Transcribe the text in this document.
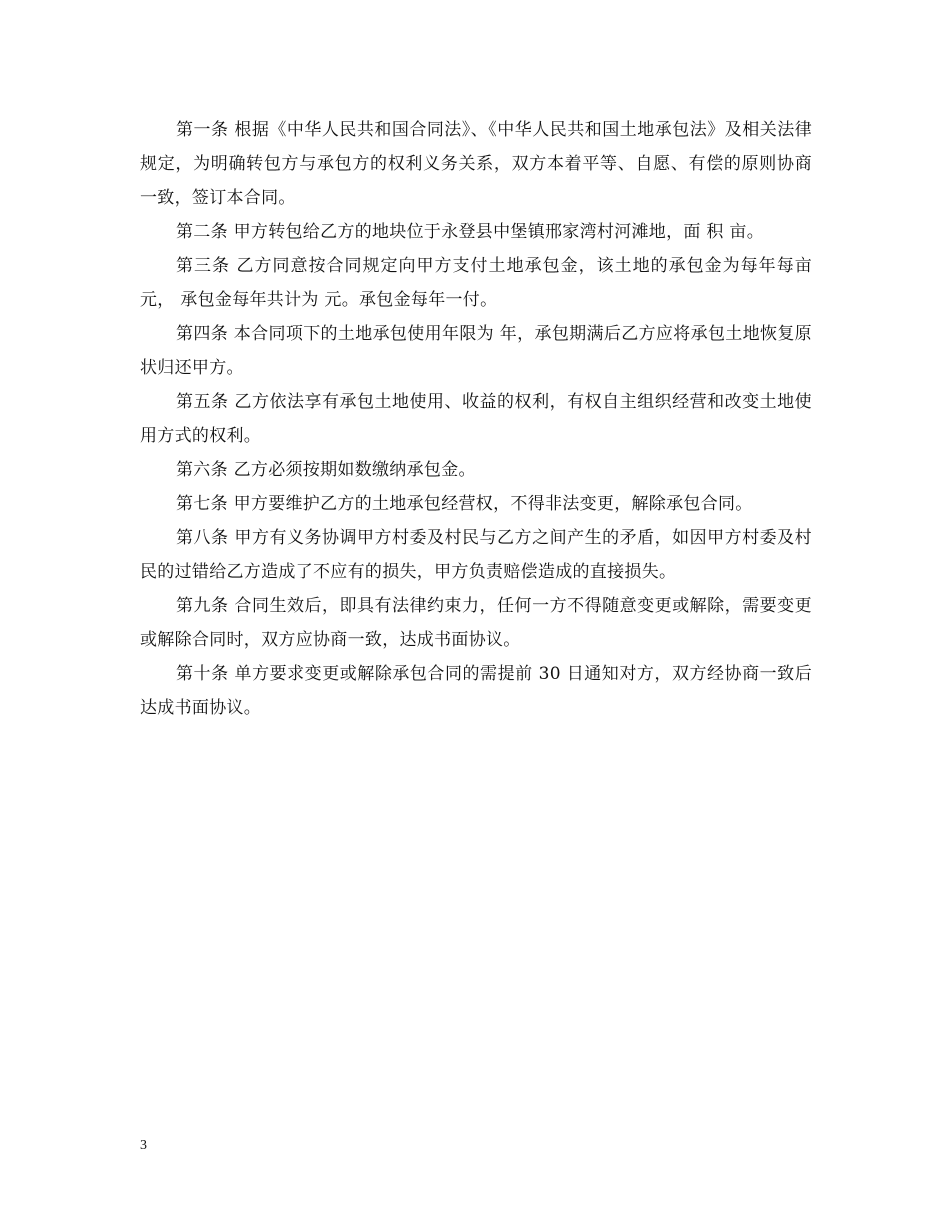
第一条 根据《中华人民共和国合同法》、《中华人民共和国土地承包法》及相关法律规定，为明确转包方与承包方的权利义务关系，双方本着平等、自愿、有偿的原则协商一致，签订本合同。

第二条 甲方转包给乙方的地块位于永登县中堡镇邢家湾村河滩地，面 积 亩。

第三条 乙方同意按合同规定向甲方支付土地承包金，该土地的承包金为每年每亩 元， 承包金每年共计为 元。承包金每年一付。

第四条 本合同项下的土地承包使用年限为 年，承包期满后乙方应将承包土地恢复原状归还甲方。

第五条 乙方依法享有承包土地使用、收益的权利，有权自主组织经营和改变土地使用方式的权利。

第六条 乙方必须按期如数缴纳承包金。

第七条 甲方要维护乙方的土地承包经营权，不得非法变更，解除承包合同。

第八条 甲方有义务协调甲方村委及村民与乙方之间产生的矛盾，如因甲方村委及村民的过错给乙方造成了不应有的损失，甲方负责赔偿造成的直接损失。

第九条 合同生效后，即具有法律约束力，任何一方不得随意变更或解除，需要变更或解除合同时，双方应协商一致，达成书面协议。

第十条 单方要求变更或解除承包合同的需提前 30 日通知对方，双方经协商一致后达成书面协议。

3
